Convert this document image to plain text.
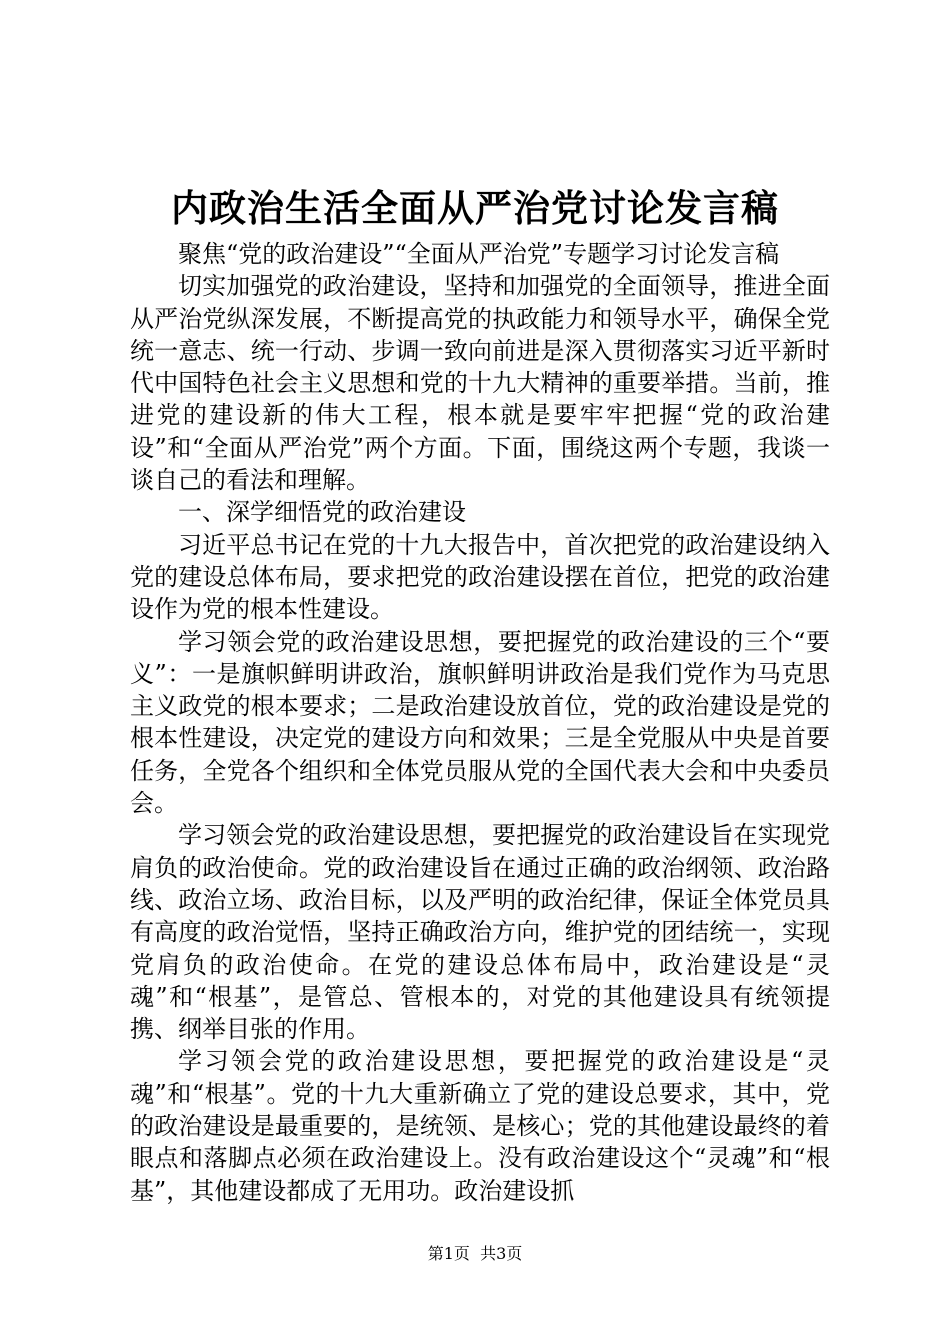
内政治生活全面从严治党讨论发言稿

聚焦“党的政治建设”“全面从严治党”专题学习讨论发言稿

切实加强党的政治建设，坚持和加强党的全面领导，推进全面从严治党纵深发展，不断提高党的执政能力和领导水平，确保全党统一意志、统一行动、步调一致向前进是深入贯彻落实习近平新时代中国特色社会主义思想和党的十九大精神的重要举措。当前，推进党的建设新的伟大工程，根本就是要牢牢把握“党的政治建设”和“全面从严治党”两个方面。下面，围绕这两个专题，我谈一谈自己的看法和理解。

一、深学细悟党的政治建设

习近平总书记在党的十九大报告中，首次把党的政治建设纳入党的建设总体布局，要求把党的政治建设摆在首位，把党的政治建设作为党的根本性建设。

学习领会党的政治建设思想，要把握党的政治建设的三个“要义”：一是旗帜鲜明讲政治，旗帜鲜明讲政治是我们党作为马克思主义政党的根本要求；二是政治建设放首位，党的政治建设是党的根本性建设，决定党的建设方向和效果；三是全党服从中央是首要任务，全党各个组织和全体党员服从党的全国代表大会和中央委员会。

学习领会党的政治建设思想，要把握党的政治建设旨在实现党肩负的政治使命。党的政治建设旨在通过正确的政治纲领、政治路线、政治立场、政治目标，以及严明的政治纪律，保证全体党员具有高度的政治觉悟，坚持正确政治方向，维护党的团结统一，实现党肩负的政治使命。在党的建设总体布局中，政治建设是“灵魂”和“根基”，是管总、管根本的，对党的其他建设具有统领提携、纲举目张的作用。

学习领会党的政治建设思想，要把握党的政治建设是“灵魂”和“根基”。党的十九大重新确立了党的建设总要求，其中，党的政治建设是最重要的，是统领、是核心；党的其他建设最终的着眼点和落脚点必须在政治建设上。没有政治建设这个“灵魂”和“根基”，其他建设都成了无用功。政治建设抓

第1页 共3页
